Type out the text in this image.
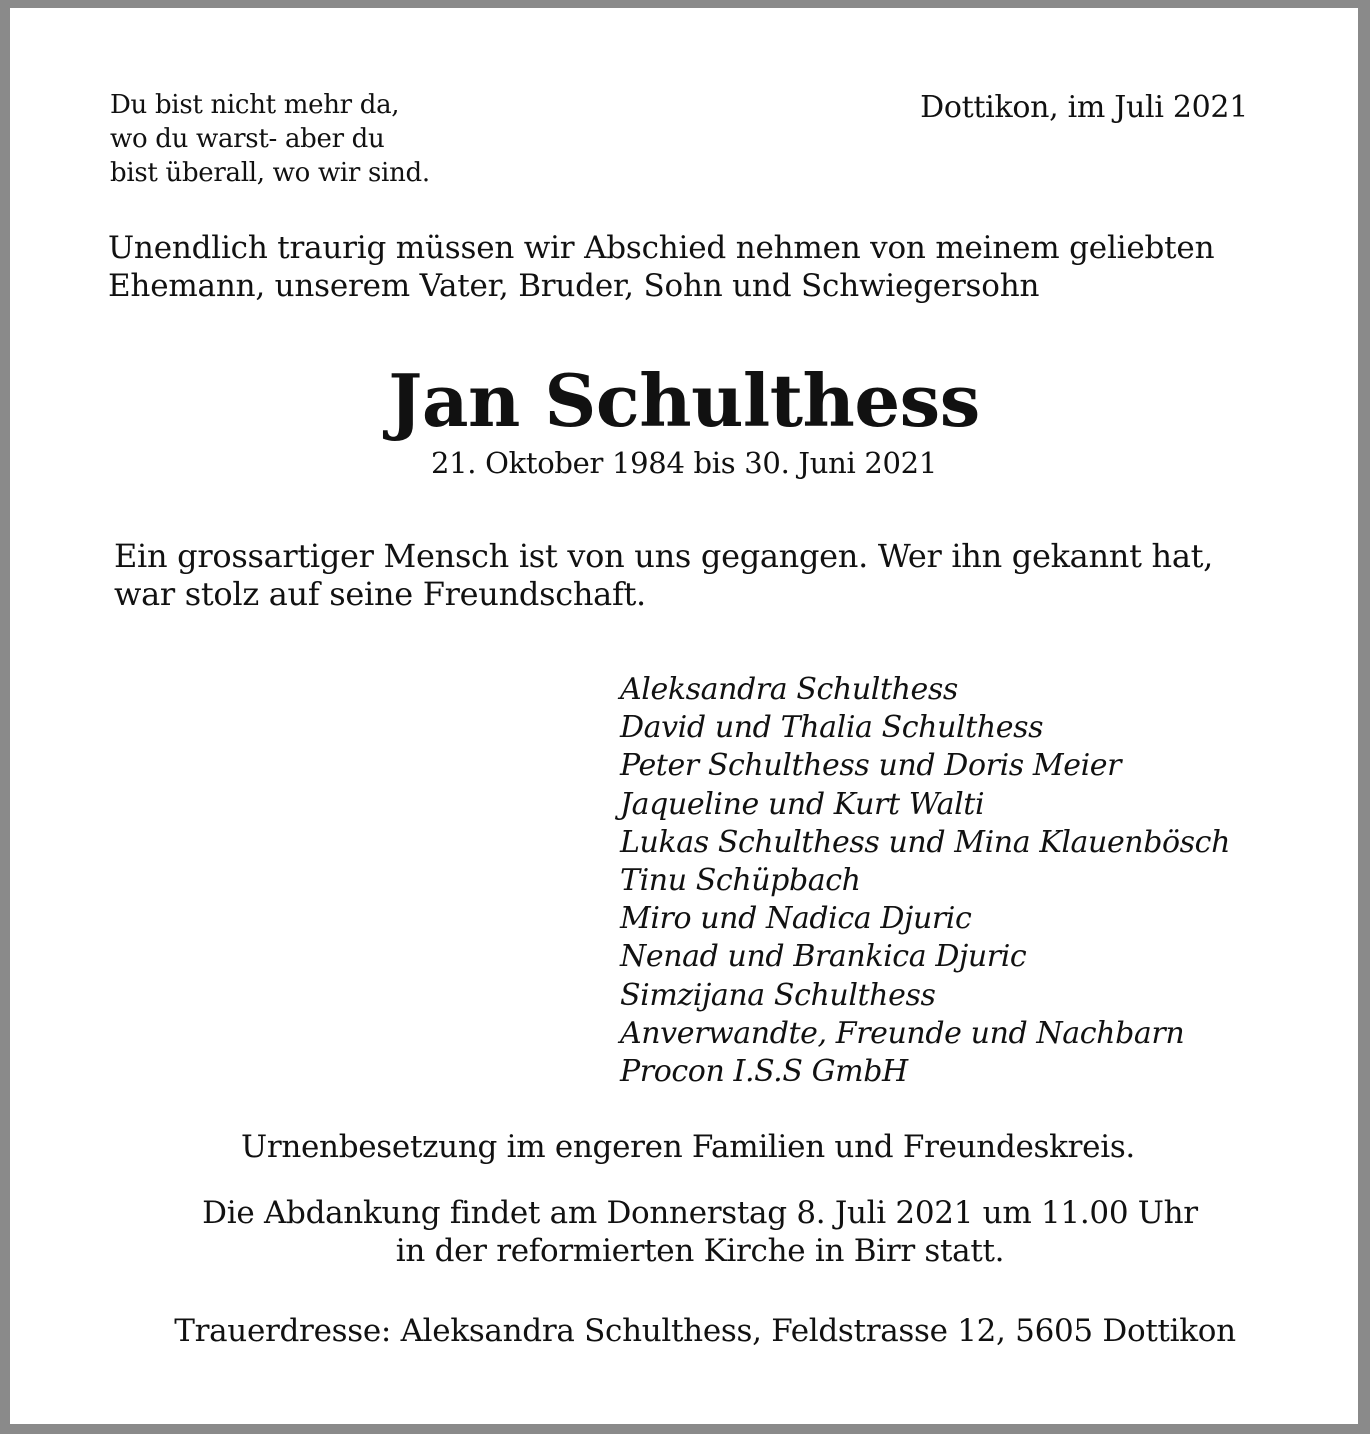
Du bist nicht mehr da,
wo du warst- aber du
bist überall, wo wir sind.
Dottikon, im Juli 2021
Unendlich traurig müssen wir Abschied nehmen von meinem geliebten
Ehemann, unserem Vater, Bruder, Sohn und Schwiegersohn
Jan Schulthess
21. Oktober 1984 bis 30. Juni 2021
Ein grossartiger Mensch ist von uns gegangen. Wer ihn gekannt hat,
war stolz auf seine Freundschaft.
Aleksandra Schulthess
David und Thalia Schulthess
Peter Schulthess und Doris Meier
Jaqueline und Kurt Walti
Lukas Schulthess und Mina Klauenbösch
Tinu Schüpbach
Miro und Nadica Djuric
Nenad und Brankica Djuric
Simzijana Schulthess
Anverwandte, Freunde und Nachbarn
Procon I.S.S GmbH
Urnenbesetzung im engeren Familien und Freundeskreis.
Die Abdankung findet am Donnerstag 8. Juli 2021 um 11.00 Uhr
in der reformierten Kirche in Birr statt.
Trauerdresse: Aleksandra Schulthess, Feldstrasse 12, 5605 Dottikon
